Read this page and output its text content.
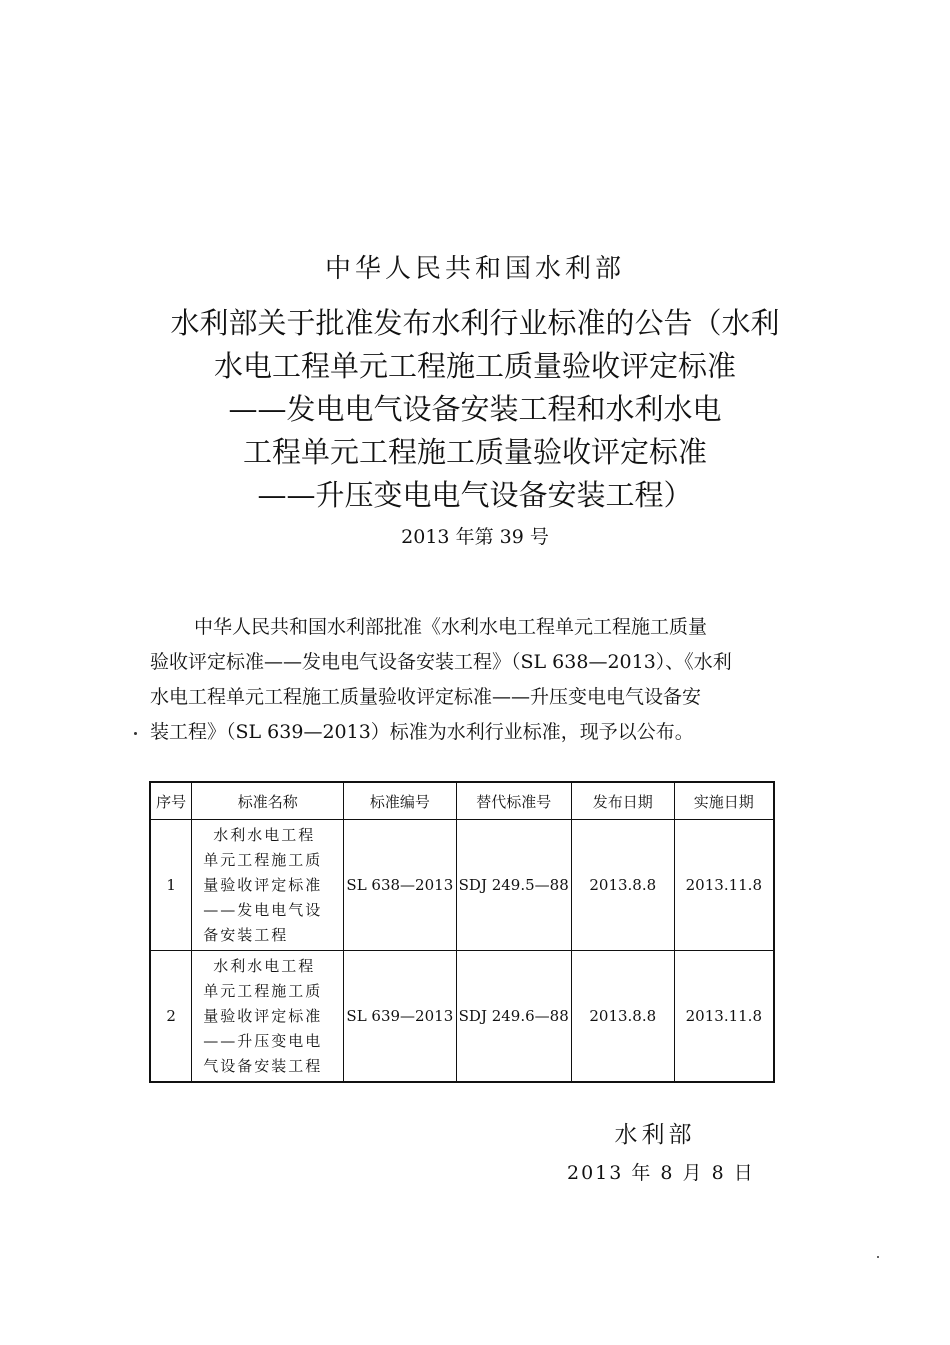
中华人民共和国水利部
水利部关于批准发布水利行业标准的公告（水利
水电工程单元工程施工质量验收评定标准
——发电电气设备安装工程和水利水电
工程单元工程施工质量验收评定标准
——升压变电电气设备安装工程）
2013 年第 39 号
中华人民共和国水利部批准《水利水电工程单元工程施工质量
验收评定标准——发电电气设备安装工程》（SL 638—2013）、《水利
水电工程单元工程施工质量验收评定标准——升压变电电气设备安
装工程》（SL 639—2013）标准为水利行业标准，现予以公布。
序号	标准名称	标准编号	替代标准号	发布日期	实施日期
1	水利水电工程
单元工程施工质
量验收评定标准
——发电电气设
备安装工程	SL 638—2013	SDJ 249.5—88	2013.8.8	2013.11.8
2	水利水电工程
单元工程施工质
量验收评定标准
——升压变电电
气设备安装工程	SL 639—2013	SDJ 249.6—88	2013.8.8	2013.11.8
水利部
2013 年 8 月 8 日
